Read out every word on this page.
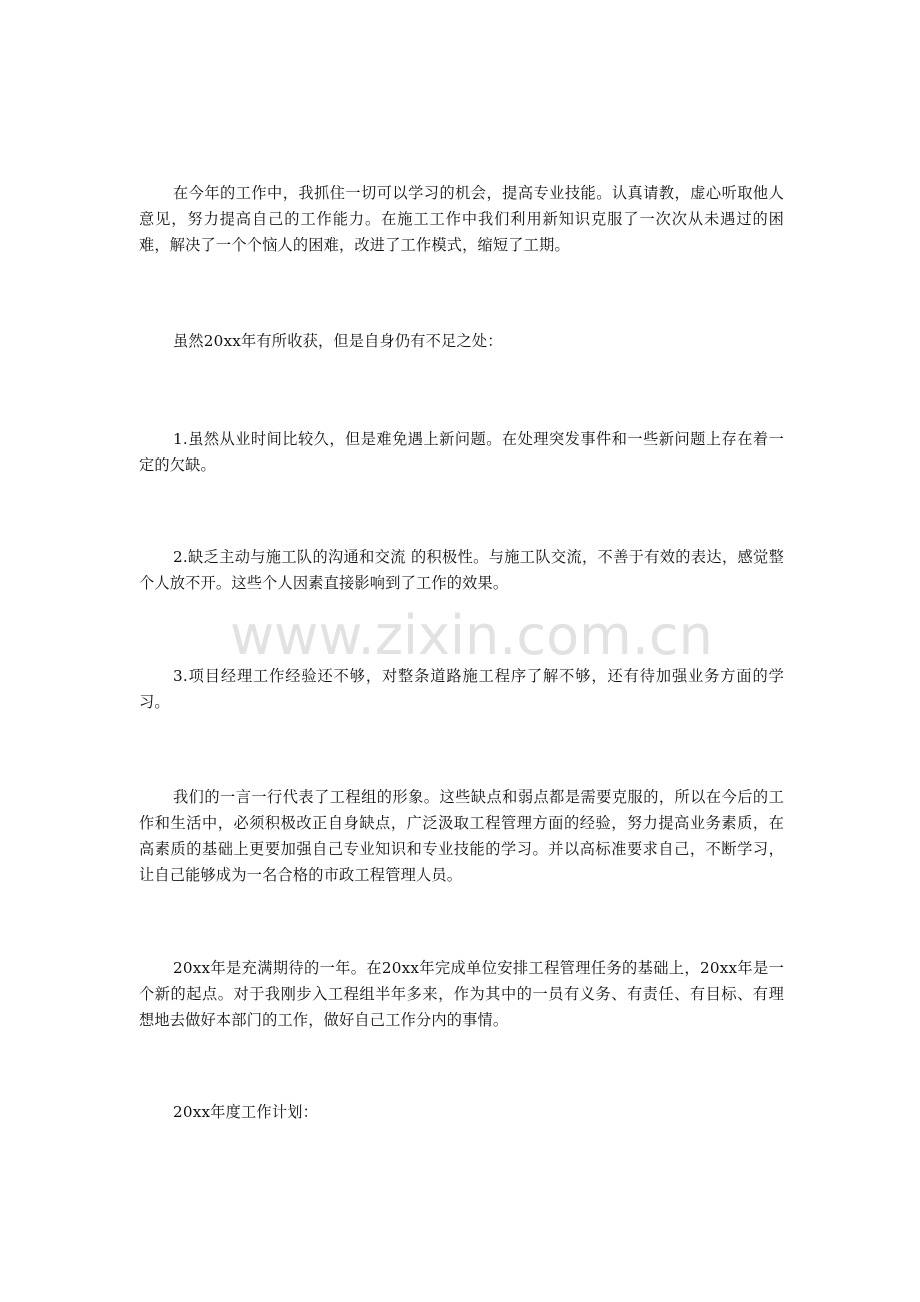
在今年的工作中，我抓住一切可以学习的机会，提高专业技能。认真请教，虚心听取他人意见，努力提高自己的工作能力。在施工工作中我们利用新知识克服了一次次从未遇过的困难，解决了一个个恼人的困难，改进了工作模式，缩短了工期。

虽然20xx年有所收获，但是自身仍有不足之处：

1.虽然从业时间比较久，但是难免遇上新问题。在处理突发事件和一些新问题上存在着一定的欠缺。

2.缺乏主动与施工队的沟通和交流 的积极性。与施工队交流，不善于有效的表达，感觉整个人放不开。这些个人因素直接影响到了工作的效果。

3.项目经理工作经验还不够，对整条道路施工程序了解不够，还有待加强业务方面的学习。

我们的一言一行代表了工程组的形象。这些缺点和弱点都是需要克服的，所以在今后的工作和生活中，必须积极改正自身缺点，广泛汲取工程管理方面的经验，努力提高业务素质，在高素质的基础上更要加强自己专业知识和专业技能的学习。并以高标准要求自己，不断学习，让自己能够成为一名合格的市政工程管理人员。

20xx年是充满期待的一年。在20xx年完成单位安排工程管理任务的基础上，20xx年是一个新的起点。对于我刚步入工程组半年多来，作为其中的一员有义务、有责任、有目标、有理想地去做好本部门的工作，做好自己工作分内的事情。

20xx年度工作计划：

www.zixin.com.cn
